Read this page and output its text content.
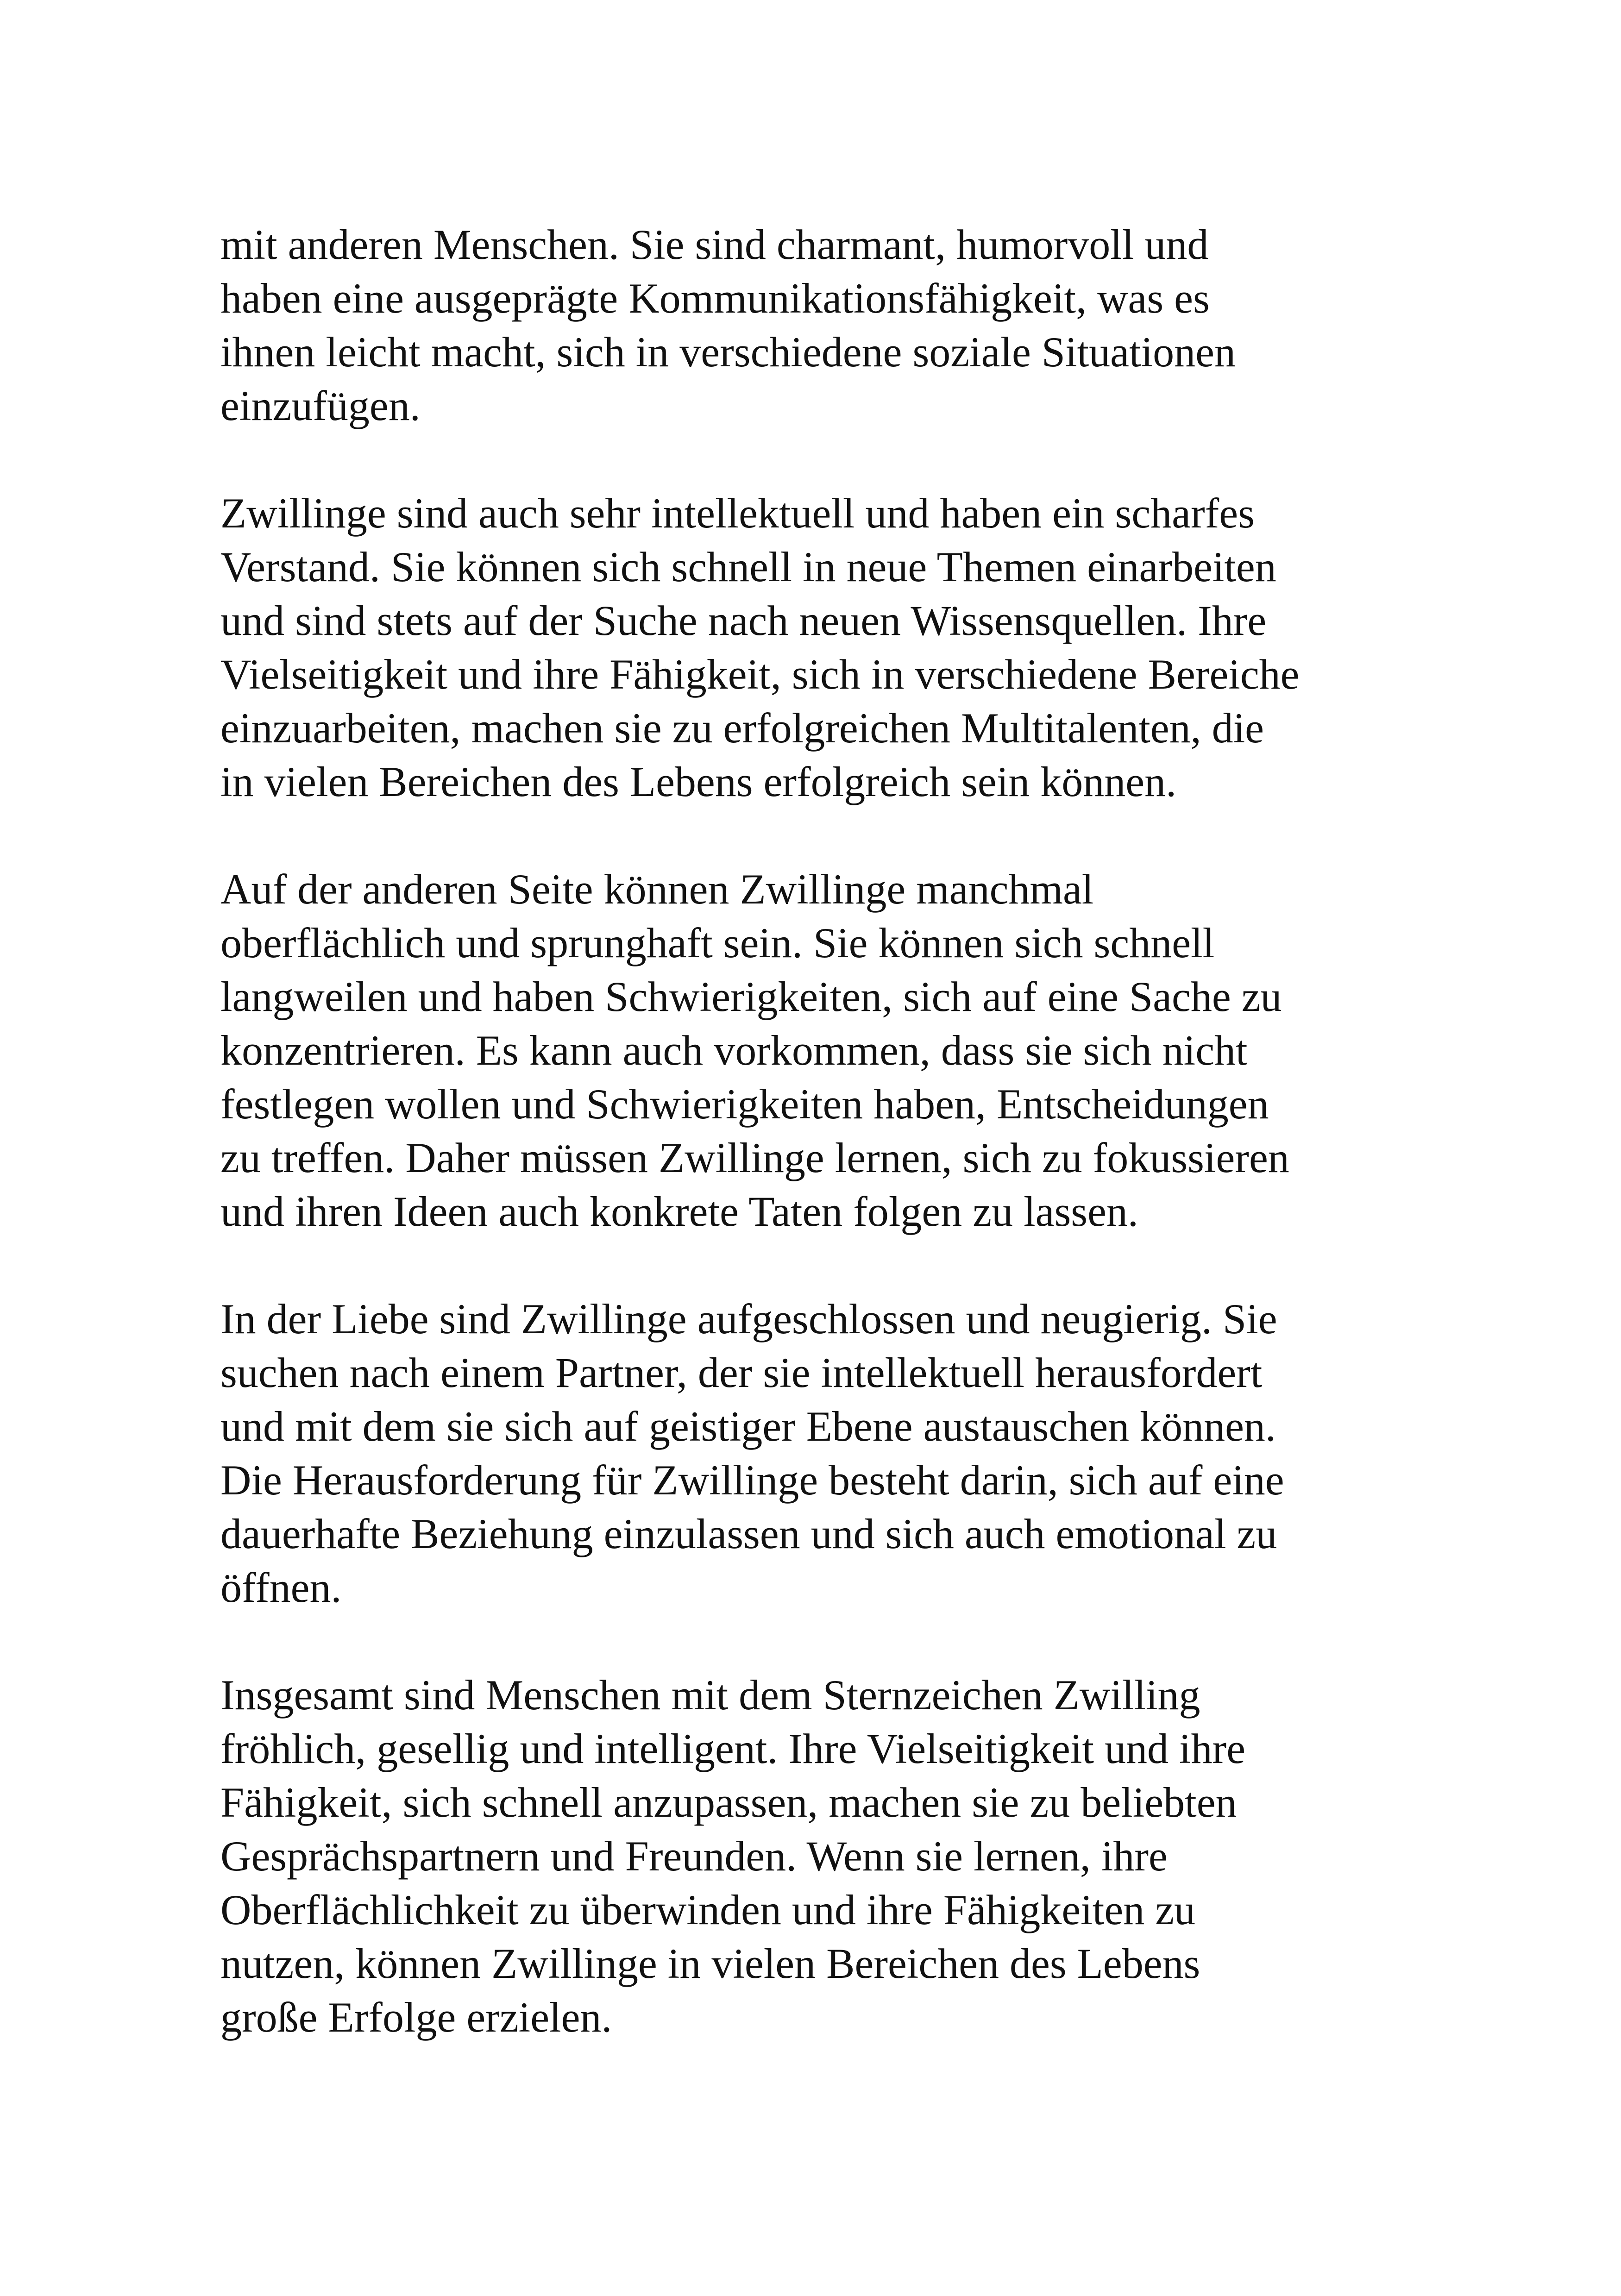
mit anderen Menschen. Sie sind charmant, humorvoll und
haben eine ausgeprägte Kommunikationsfähigkeit, was es
ihnen leicht macht, sich in verschiedene soziale Situationen
einzufügen.

Zwillinge sind auch sehr intellektuell und haben ein scharfes
Verstand. Sie können sich schnell in neue Themen einarbeiten
und sind stets auf der Suche nach neuen Wissensquellen. Ihre
Vielseitigkeit und ihre Fähigkeit, sich in verschiedene Bereiche
einzuarbeiten, machen sie zu erfolgreichen Multitalenten, die
in vielen Bereichen des Lebens erfolgreich sein können.

Auf der anderen Seite können Zwillinge manchmal
oberflächlich und sprunghaft sein. Sie können sich schnell
langweilen und haben Schwierigkeiten, sich auf eine Sache zu
konzentrieren. Es kann auch vorkommen, dass sie sich nicht
festlegen wollen und Schwierigkeiten haben, Entscheidungen
zu treffen. Daher müssen Zwillinge lernen, sich zu fokussieren
und ihren Ideen auch konkrete Taten folgen zu lassen.

In der Liebe sind Zwillinge aufgeschlossen und neugierig. Sie
suchen nach einem Partner, der sie intellektuell herausfordert
und mit dem sie sich auf geistiger Ebene austauschen können.
Die Herausforderung für Zwillinge besteht darin, sich auf eine
dauerhafte Beziehung einzulassen und sich auch emotional zu
öffnen.

Insgesamt sind Menschen mit dem Sternzeichen Zwilling
fröhlich, gesellig und intelligent. Ihre Vielseitigkeit und ihre
Fähigkeit, sich schnell anzupassen, machen sie zu beliebten
Gesprächspartnern und Freunden. Wenn sie lernen, ihre
Oberflächlichkeit zu überwinden und ihre Fähigkeiten zu
nutzen, können Zwillinge in vielen Bereichen des Lebens
große Erfolge erzielen.
